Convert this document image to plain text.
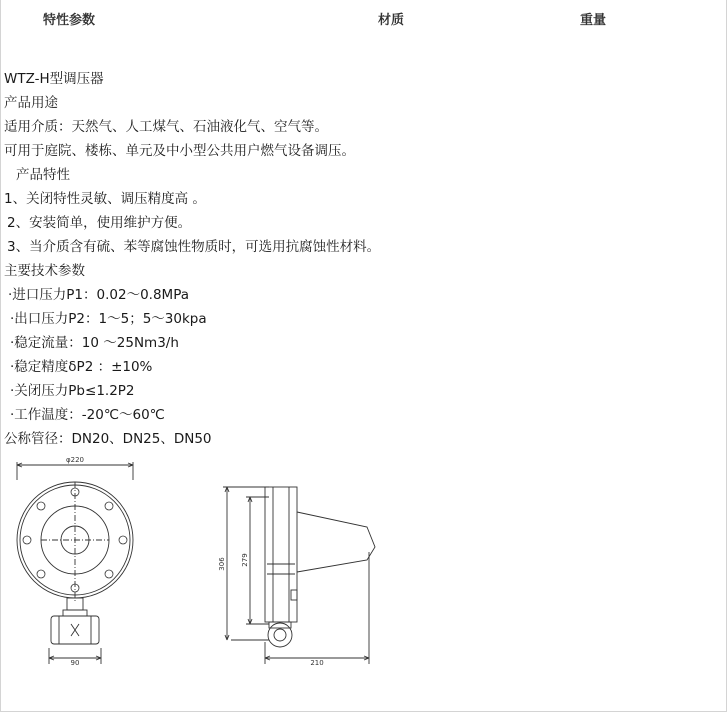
特性参数	材质	重量
WTZ-H型调压器
产品用途
适用介质：天然气、人工煤气、石油液化气、空气等。
可用于庭院、楼栋、单元及中小型公共用户燃气设备调压。
产品特性
1、关闭特性灵敏、调压精度高 。
2、安装简单，使用维护方便。
3、当介质含有硫、苯等腐蚀性物质时，可选用抗腐蚀性材料。
主要技术参数
·进口压力P1：0.02～0.8MPa
·出口压力P2：1～5；5～30kpa
·稳定流量：10 ～25Nm3/h
·稳定精度δP2 ：±10%
·关闭压力Pb≤1.2P2
·工作温度：-20℃～60℃
公称管径：DN20、DN25、DN50
φ220
90
306 279
210
